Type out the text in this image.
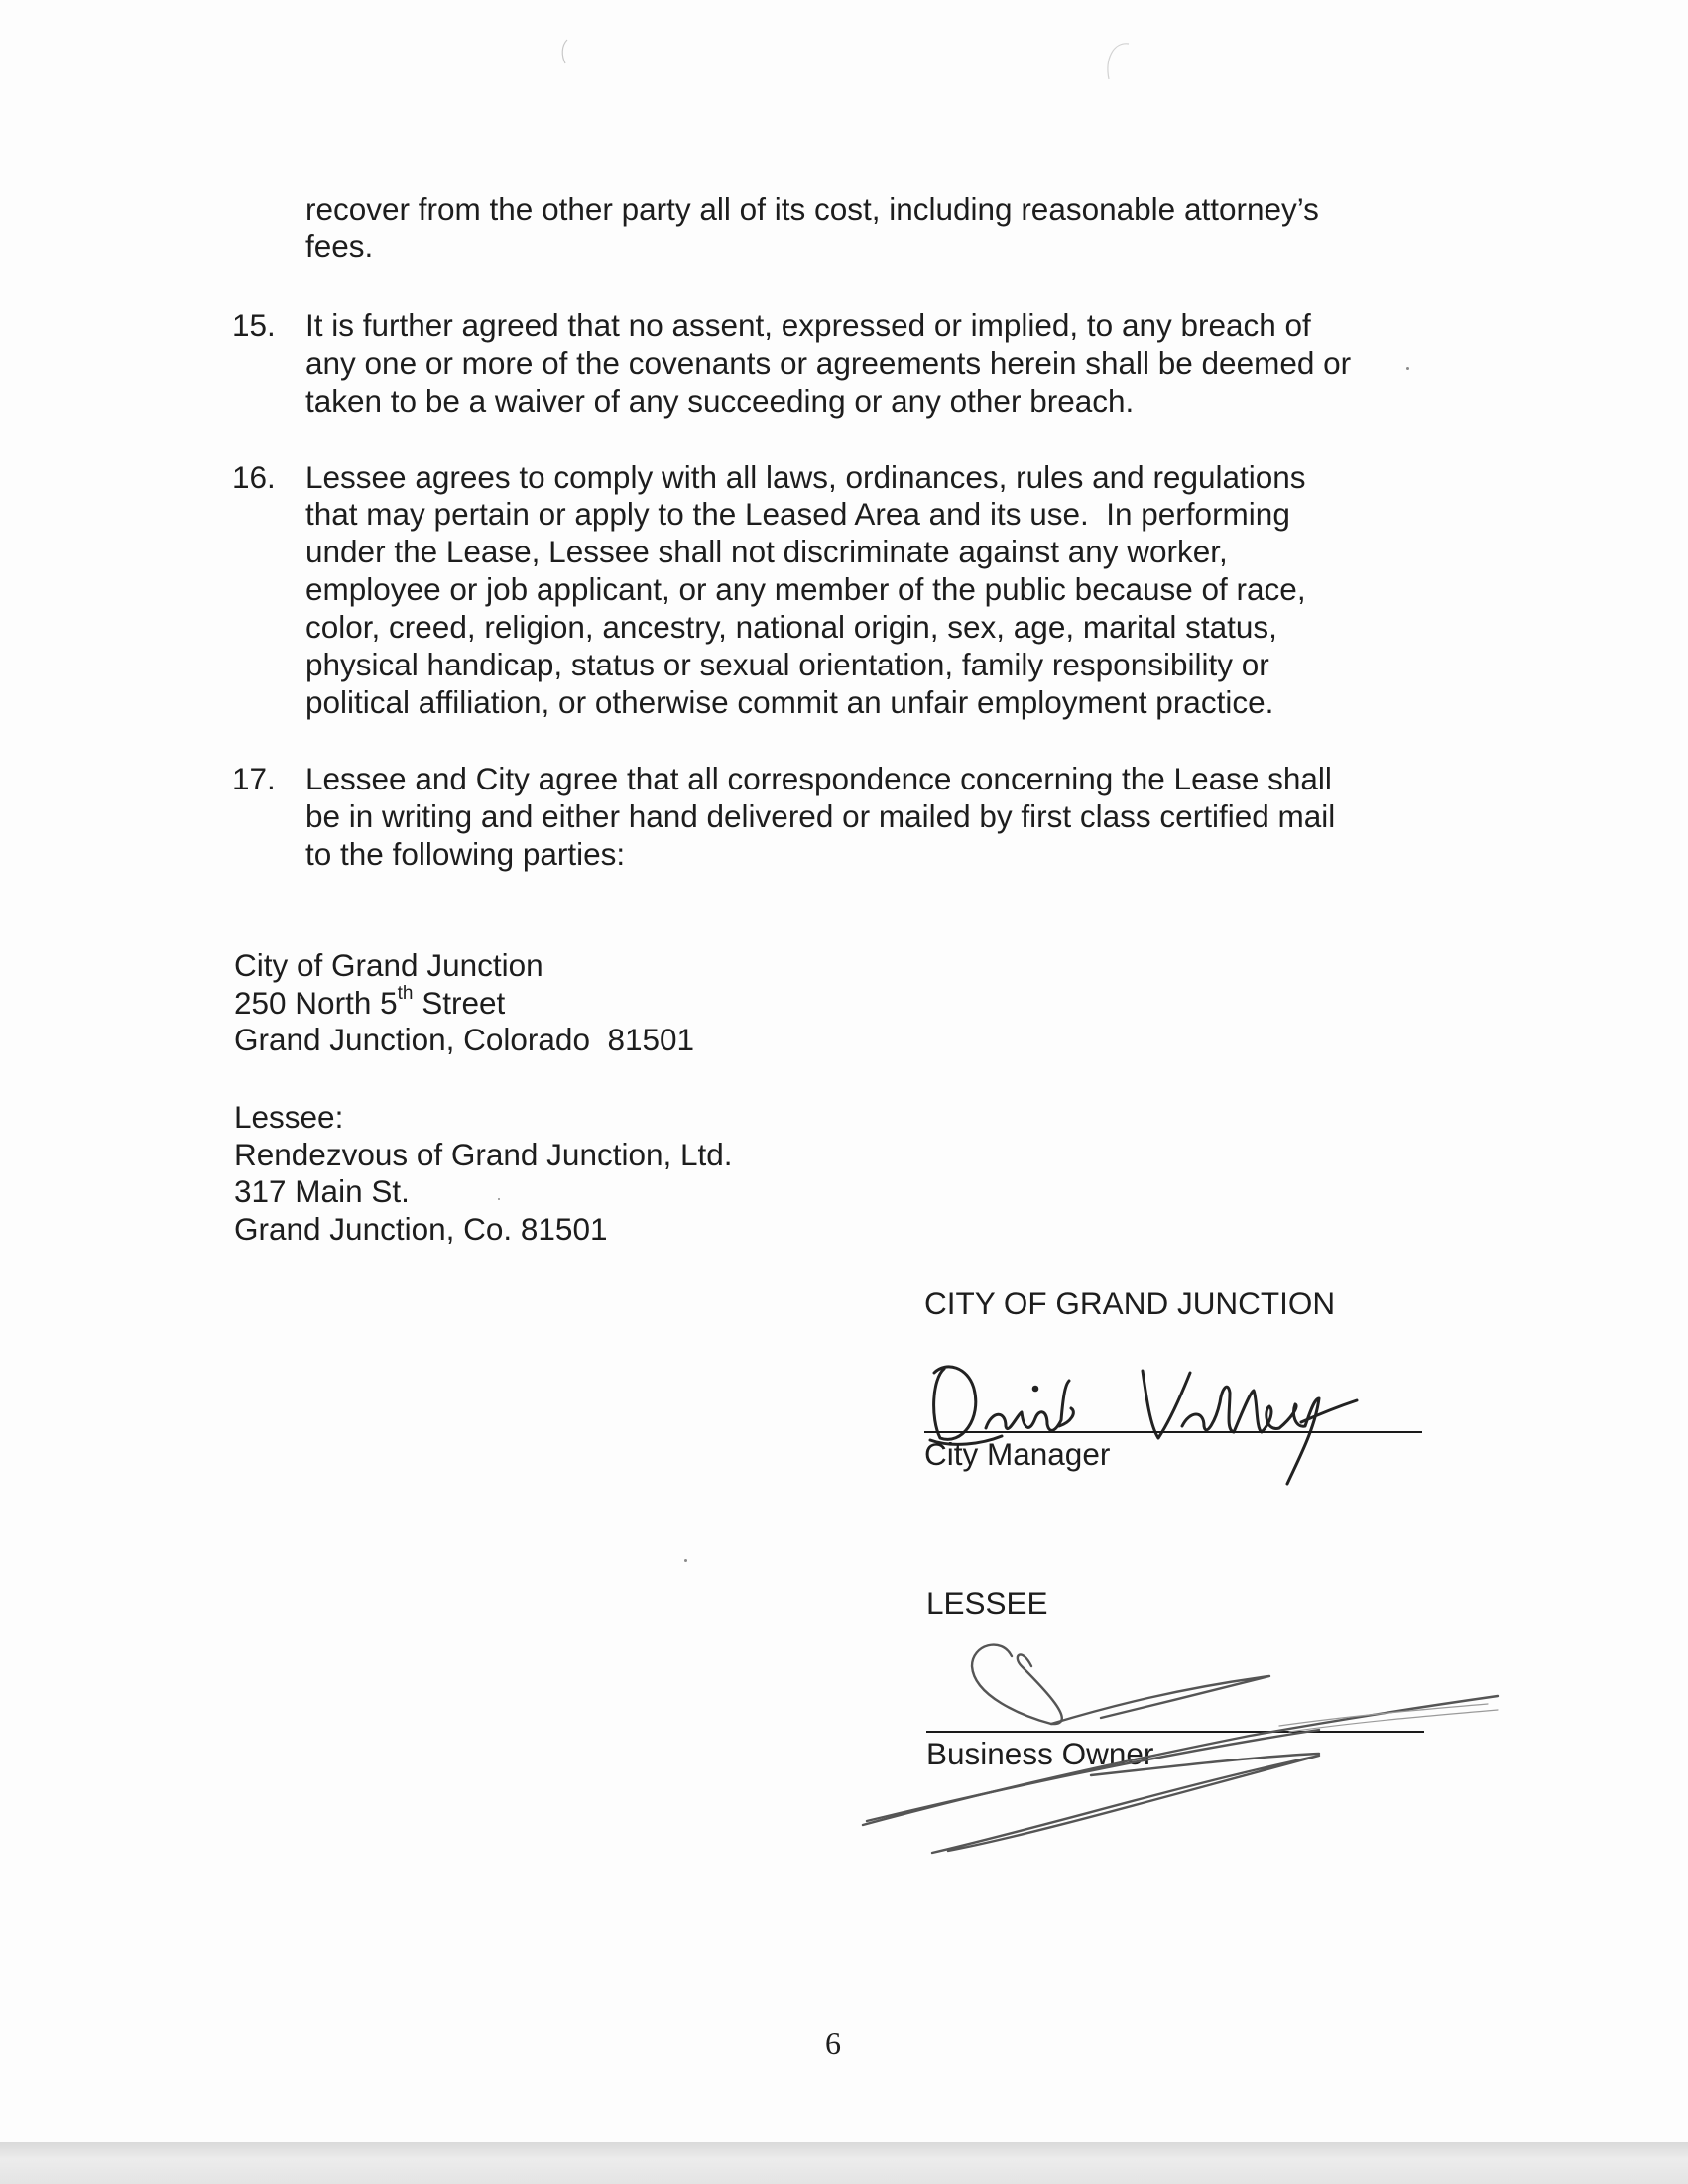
recover from the other party all of its cost, including reasonable attorney’s
fees.
15. It is further agreed that no assent, expressed or implied, to any breach of
any one or more of the covenants or agreements herein shall be deemed or
taken to be a waiver of any succeeding or any other breach.
16. Lessee agrees to comply with all laws, ordinances, rules and regulations
that may pertain or apply to the Leased Area and its use.  In performing
under the Lease, Lessee shall not discriminate against any worker,
employee or job applicant, or any member of the public because of race,
color, creed, religion, ancestry, national origin, sex, age, marital status,
physical handicap, status or sexual orientation, family responsibility or
political affiliation, or otherwise commit an unfair employment practice.
17. Lessee and City agree that all correspondence concerning the Lease shall
be in writing and either hand delivered or mailed by first class certified mail
to the following parties:
City of Grand Junction
250 North 5th Street
Grand Junction, Colorado  81501
Lessee:
Rendezvous of Grand Junction, Ltd.
317 Main St.
Grand Junction, Co. 81501
CITY OF GRAND JUNCTION
City Manager
LESSEE
Business Owner
6
